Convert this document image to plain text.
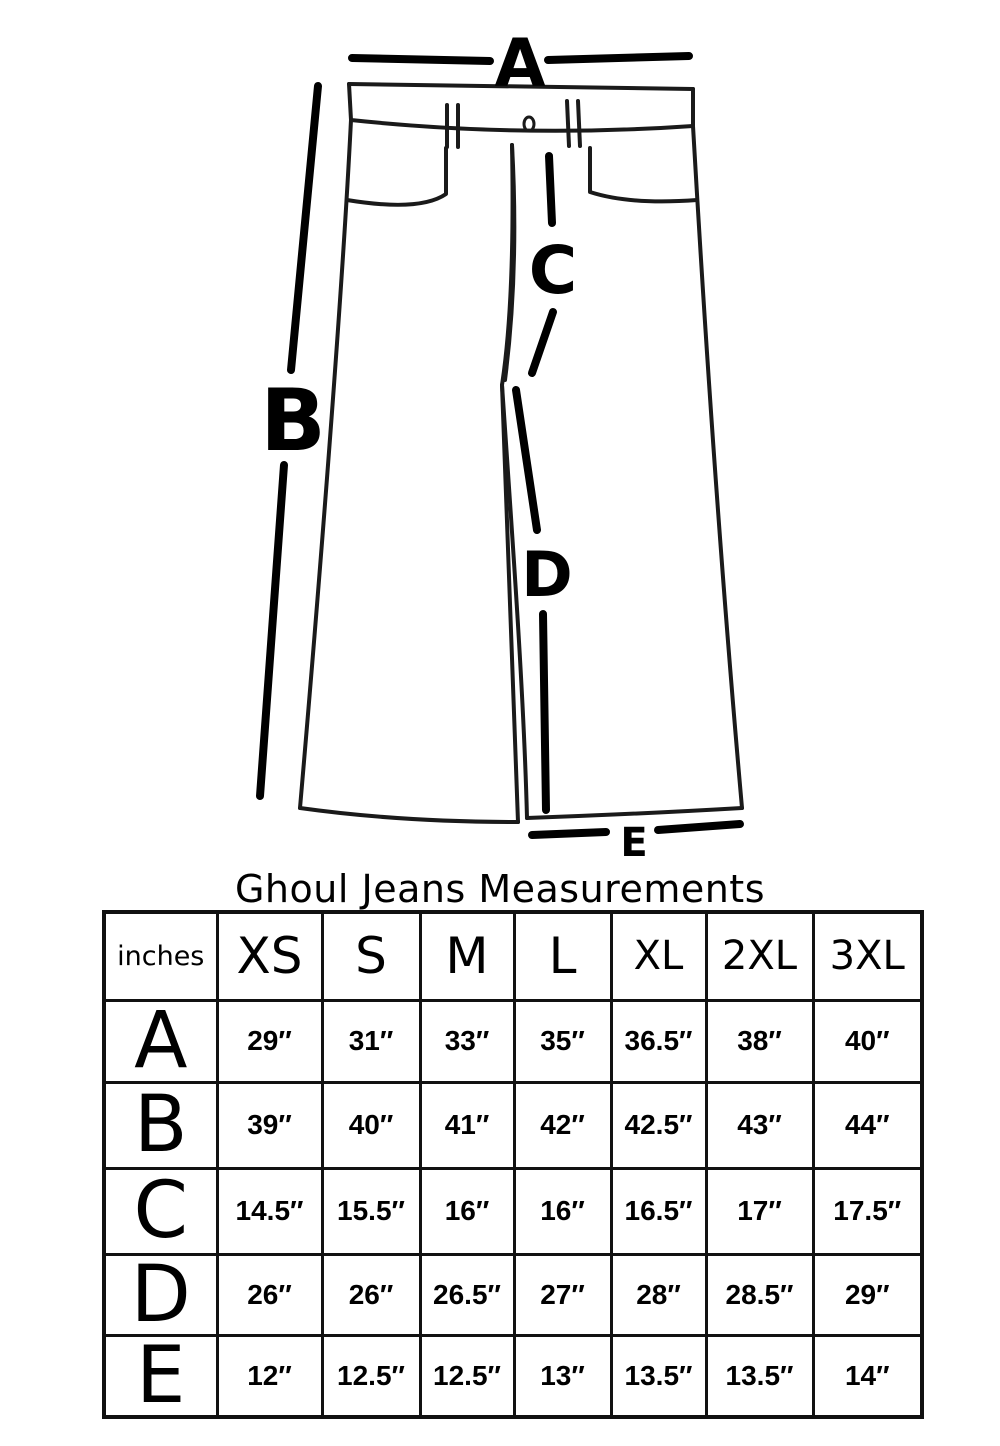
A
B
C
D
E
Ghoul Jeans Measurements
inches	XS	S	M	L	XL	2XL	3XL
A	29″	31″	33″	35″	36.5″	38″	40″
B	39″	40″	41″	42″	42.5″	43″	44″
C	14.5″	15.5″	16″	16″	16.5″	17″	17.5″
D	26″	26″	26.5″	27″	28″	28.5″	29″
E	12″	12.5″	12.5″	13″	13.5″	13.5″	14″
